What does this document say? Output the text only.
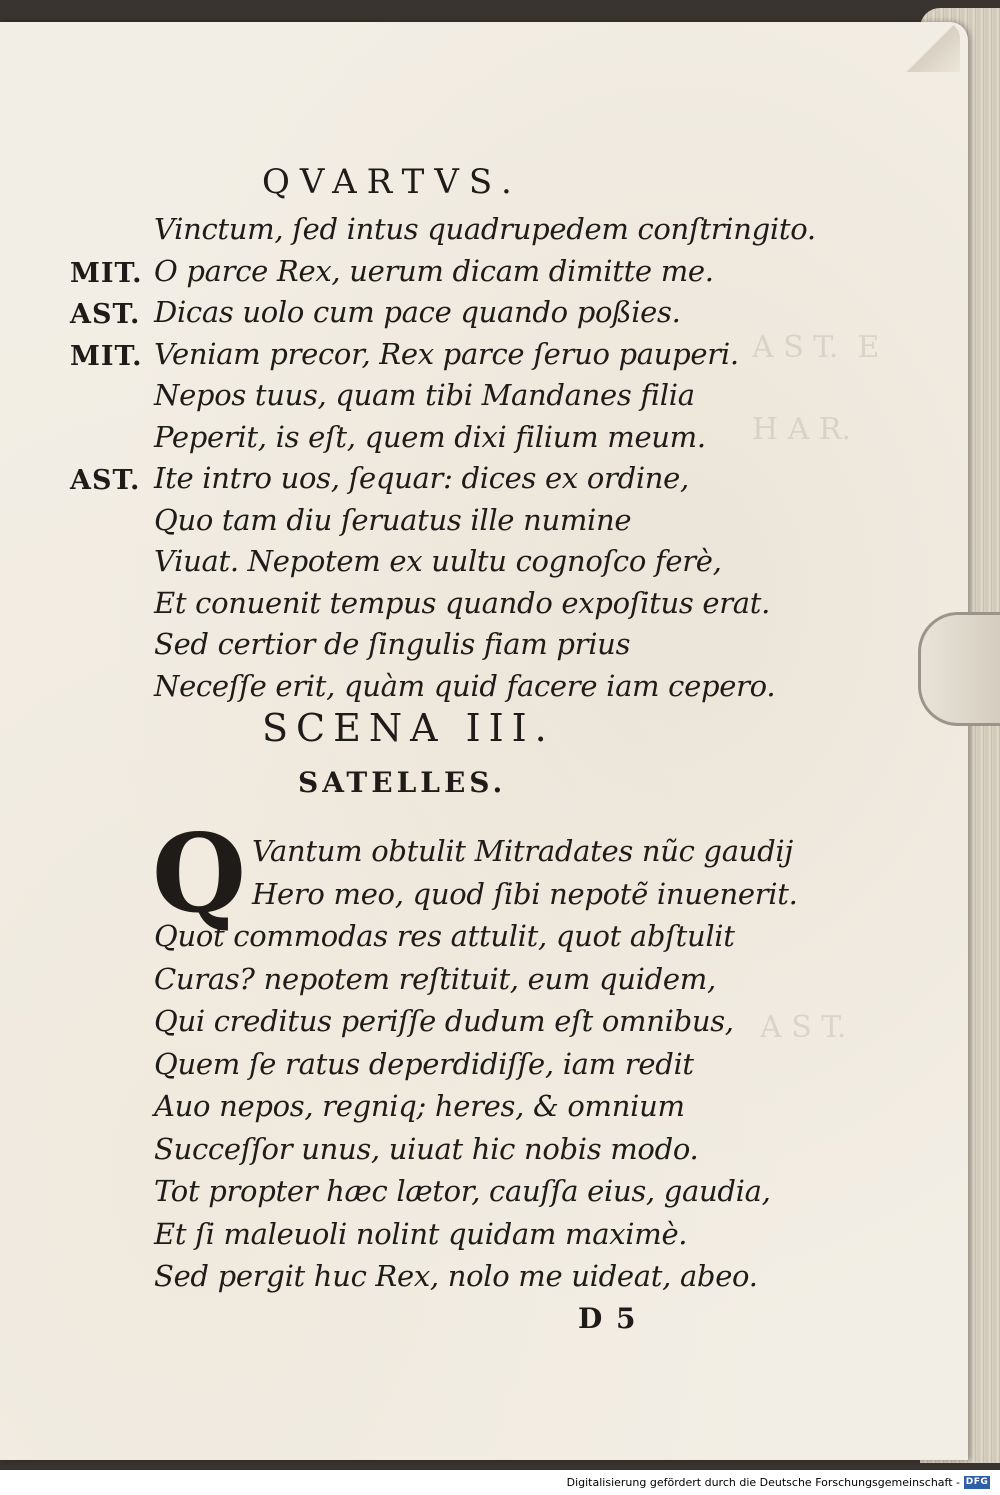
A S T.  E
H A R.
A S T.
QVARTVS.
Vinctum, ſed intus quadrupedem conſtringito.
MIT. O parce Rex, uerum dicam dimitte me.
AST. Dicas uolo cum pace quando poßies.
MIT. Veniam precor, Rex parce ſeruo pauperi.
Nepos tuus, quam tibi Mandanes filia
Peperit, is eſt, quem dixi filium meum.
AST. Ite intro uos, ſequar: dices ex ordine,
Quo tam diu ſeruatus ille numine
Viuat. Nepotem ex uultu cognoſco ferè,
Et conuenit tempus quando expoſitus erat.
Sed certior de ſingulis fiam prius
Neceſſe erit, quàm quid facere iam cepero.
SCENA III.
SATELLES.
Q Vantum obtulit Mitradates nũc gaudij
Hero meo, quod ſibi nepotẽ inuenerit.
Quot commodas res attulit, quot abſtulit
Curas? nepotem reſtituit, eum quidem,
Qui creditus periſſe dudum eſt omnibus,
Quem ſe ratus deperdidiſſe, iam redit
Auo nepos, regniq; heres, & omnium
Succeſſor unus, uiuat hic nobis modo.
Tot propter hæc lætor, cauſſa eius, gaudia,
Et ſi maleuoli nolint quidam maximè.
Sed pergit huc Rex, nolo me uideat, abeo.
D 5
Digitalisierung gefördert durch die Deutsche Forschungsgemeinschaft - DFG
